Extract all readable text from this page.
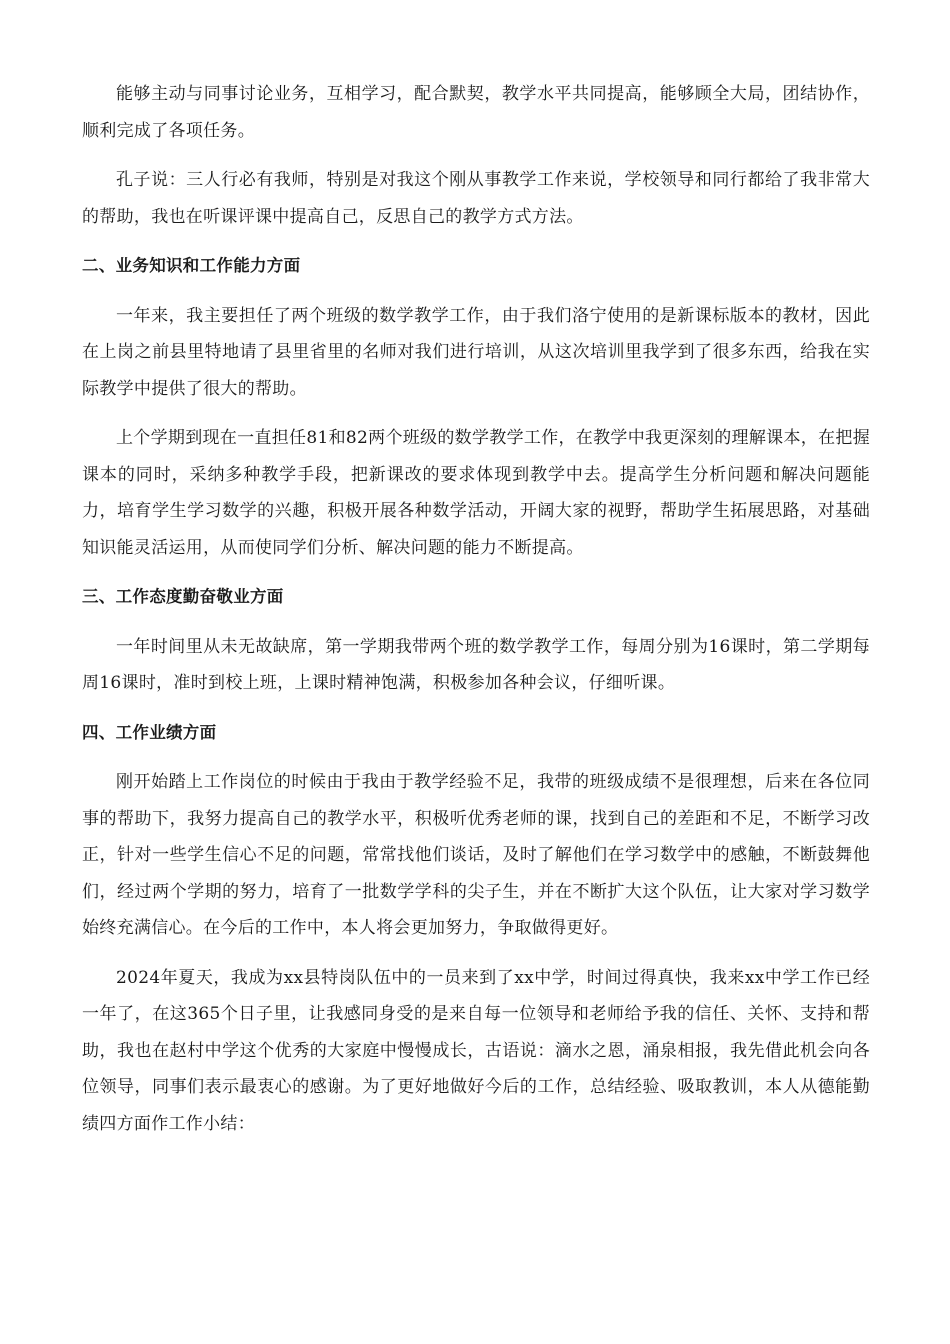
能够主动与同事讨论业务，互相学习，配合默契，教学水平共同提高，能够顾全大局，团结协作，顺利完成了各项任务。

孔子说：三人行必有我师，特别是对我这个刚从事教学工作来说，学校领导和同行都给了我非常大的帮助，我也在听课评课中提高自己，反思自己的教学方式方法。

二、业务知识和工作能力方面

一年来，我主要担任了两个班级的数学教学工作，由于我们洛宁使用的是新课标版本的教材，因此在上岗之前县里特地请了县里省里的名师对我们进行培训，从这次培训里我学到了很多东西，给我在实际教学中提供了很大的帮助。

上个学期到现在一直担任81和82两个班级的数学教学工作，在教学中我更深刻的理解课本，在把握课本的同时，采纳多种教学手段，把新课改的要求体现到教学中去。提高学生分析问题和解决问题能力，培育学生学习数学的兴趣，积极开展各种数学活动，开阔大家的视野，帮助学生拓展思路，对基础知识能灵活运用，从而使同学们分析、解决问题的能力不断提高。

三、工作态度勤奋敬业方面

一年时间里从未无故缺席，第一学期我带两个班的数学教学工作，每周分别为16课时，第二学期每周16课时，准时到校上班，上课时精神饱满，积极参加各种会议，仔细听课。

四、工作业绩方面

刚开始踏上工作岗位的时候由于我由于教学经验不足，我带的班级成绩不是很理想，后来在各位同事的帮助下，我努力提高自己的教学水平，积极听优秀老师的课，找到自己的差距和不足，不断学习改正，针对一些学生信心不足的问题，常常找他们谈话，及时了解他们在学习数学中的感触，不断鼓舞他们，经过两个学期的努力，培育了一批数学学科的尖子生，并在不断扩大这个队伍，让大家对学习数学始终充满信心。在今后的工作中，本人将会更加努力，争取做得更好。

2024年夏天，我成为xx县特岗队伍中的一员来到了xx中学，时间过得真快，我来xx中学工作已经一年了，在这365个日子里，让我感同身受的是来自每一位领导和老师给予我的信任、关怀、支持和帮助，我也在赵村中学这个优秀的大家庭中慢慢成长，古语说：滴水之恩，涌泉相报，我先借此机会向各位领导，同事们表示最衷心的感谢。为了更好地做好今后的工作，总结经验、吸取教训，本人从德能勤绩四方面作工作小结：
